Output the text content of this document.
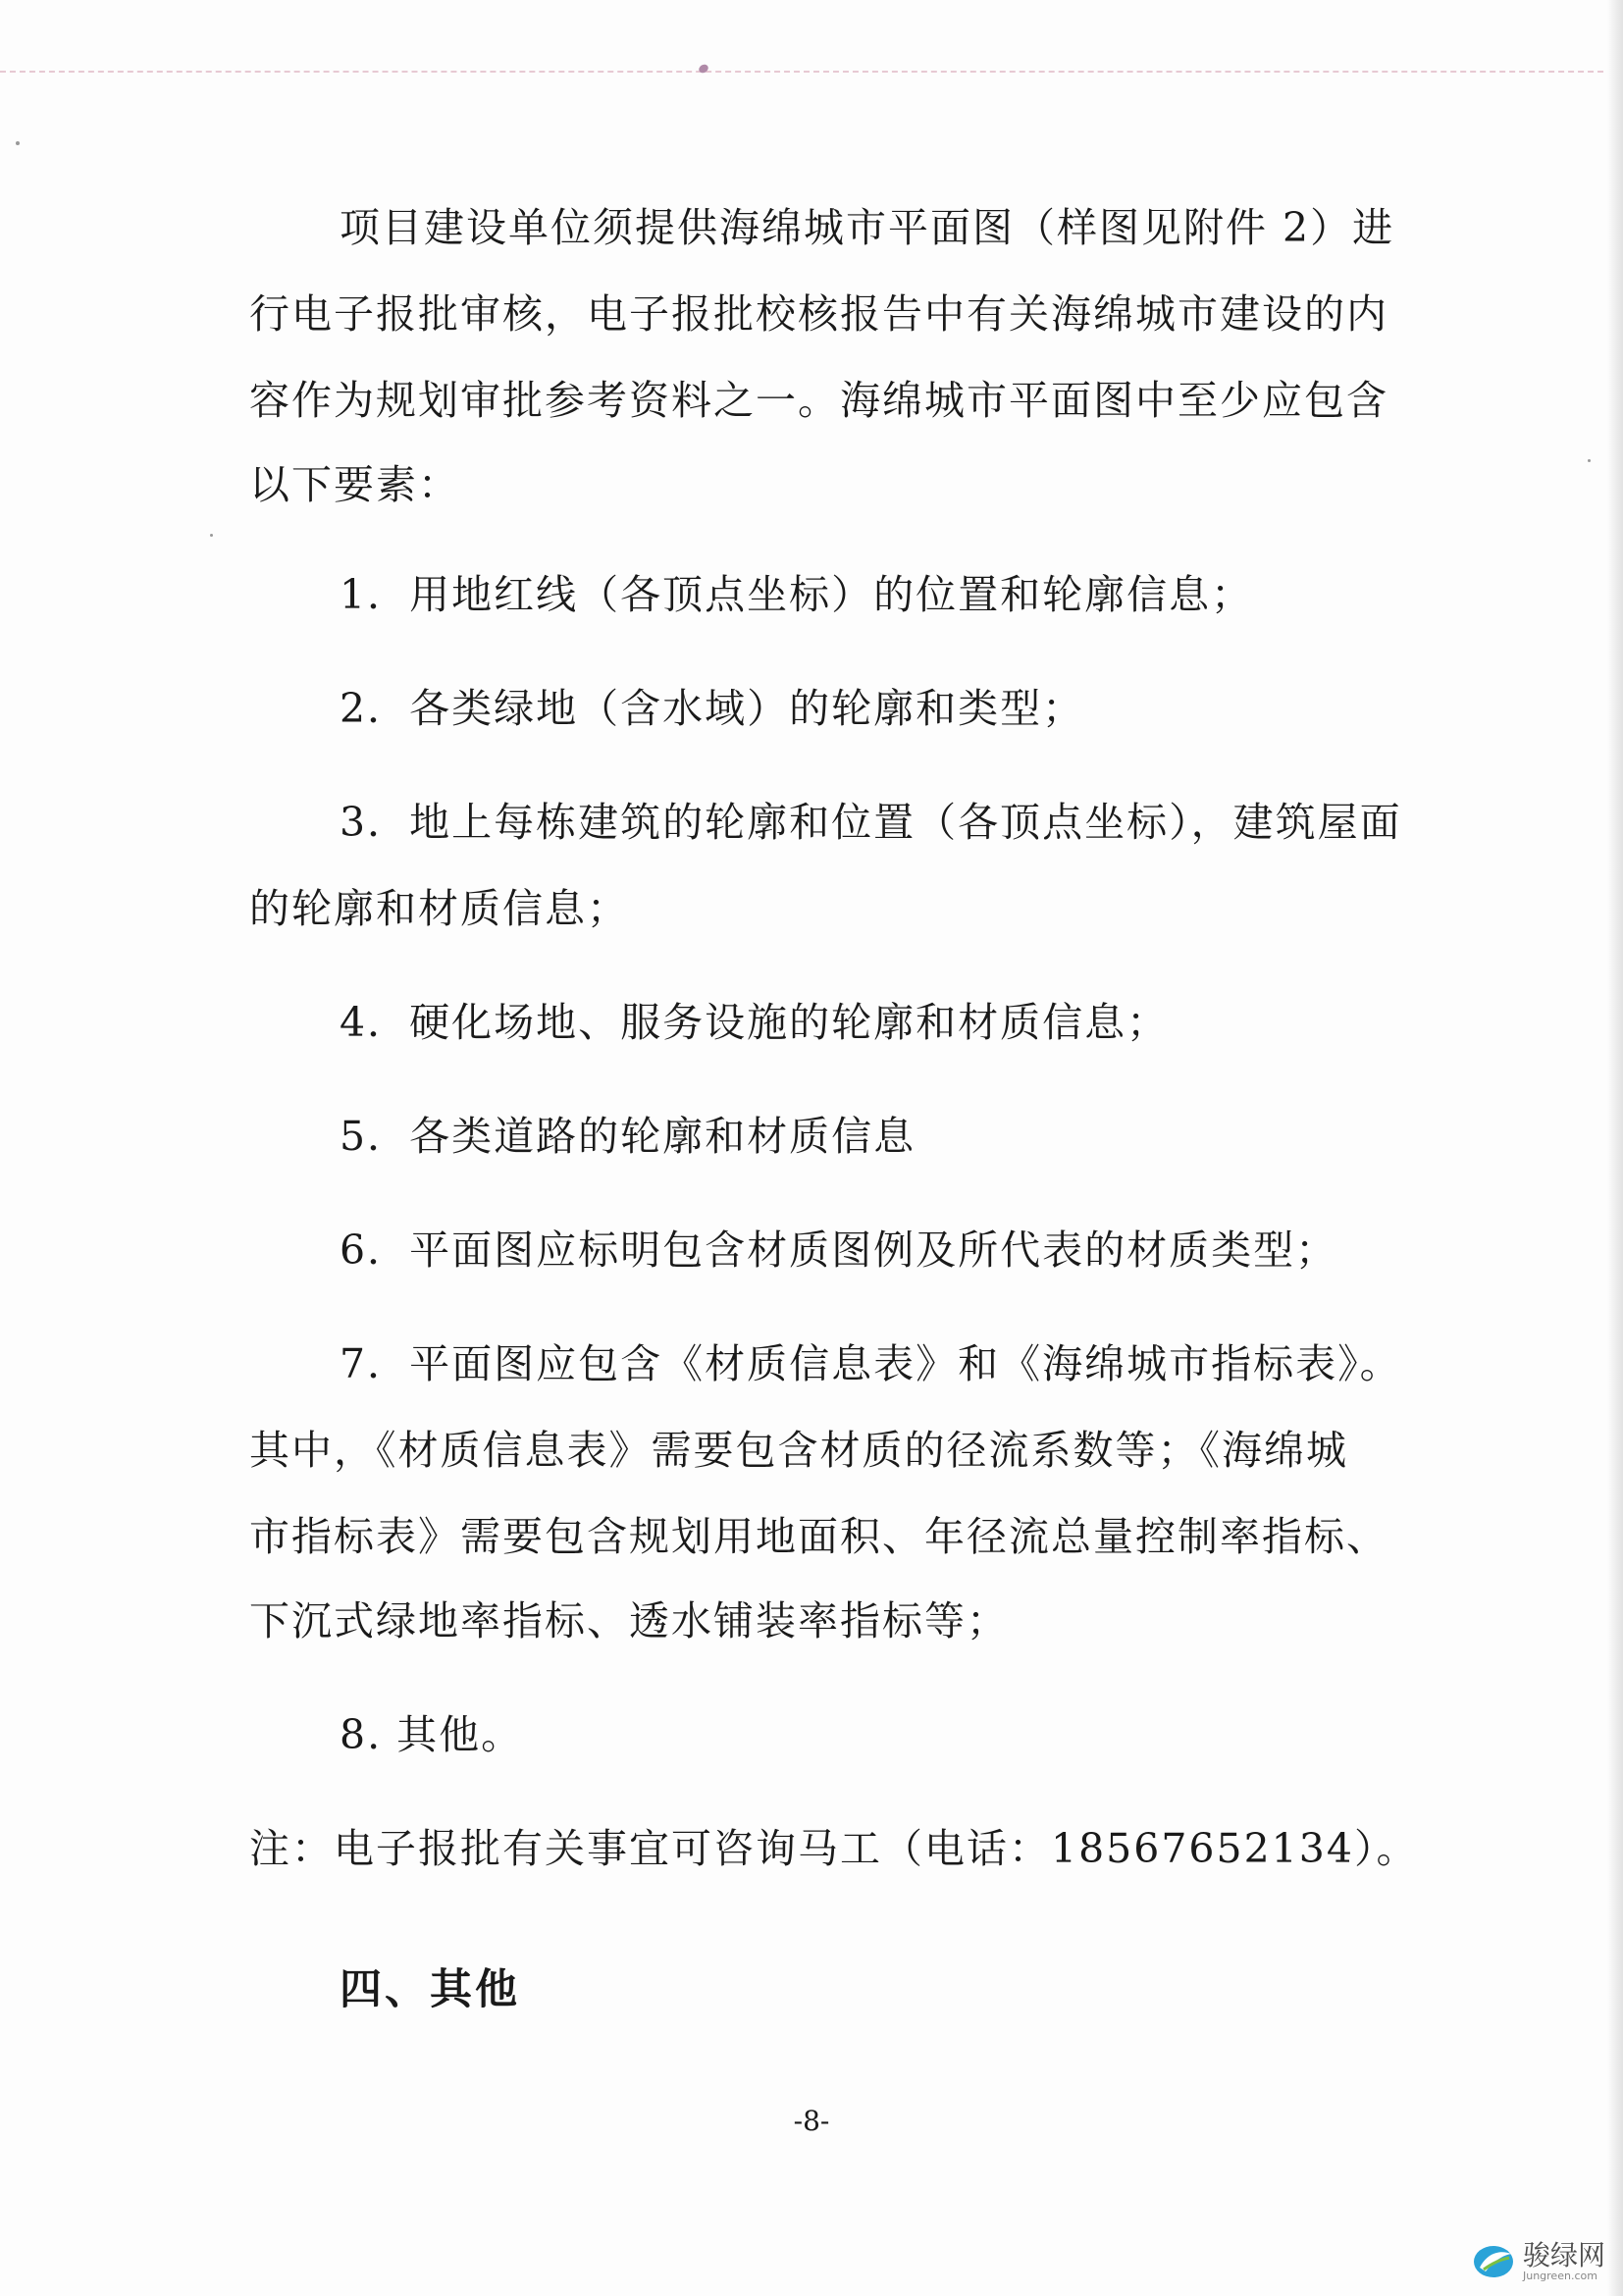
项目建设单位须提供海绵城市平面图（样图见附件 2）进

行电子报批审核，电子报批校核报告中有关海绵城市建设的内

容作为规划审批参考资料之一。海绵城市平面图中至少应包含

以下要素：

1．用地红线（各顶点坐标）的位置和轮廓信息；

2．各类绿地（含水域）的轮廓和类型；

3．地上每栋建筑的轮廓和位置（各顶点坐标），建筑屋面

的轮廓和材质信息；

4．硬化场地、服务设施的轮廓和材质信息；

5．各类道路的轮廓和材质信息

6．平面图应标明包含材质图例及所代表的材质类型；

7．平面图应包含《材质信息表》和《海绵城市指标表》。

其中，《材质信息表》需要包含材质的径流系数等；《海绵城

市指标表》需要包含规划用地面积、年径流总量控制率指标、

下沉式绿地率指标、透水铺装率指标等；

8. 其他。

注：电子报批有关事宜可咨询马工（电话：18567652134）。

四、其他
-8-
骏绿网
Jungreen.com
